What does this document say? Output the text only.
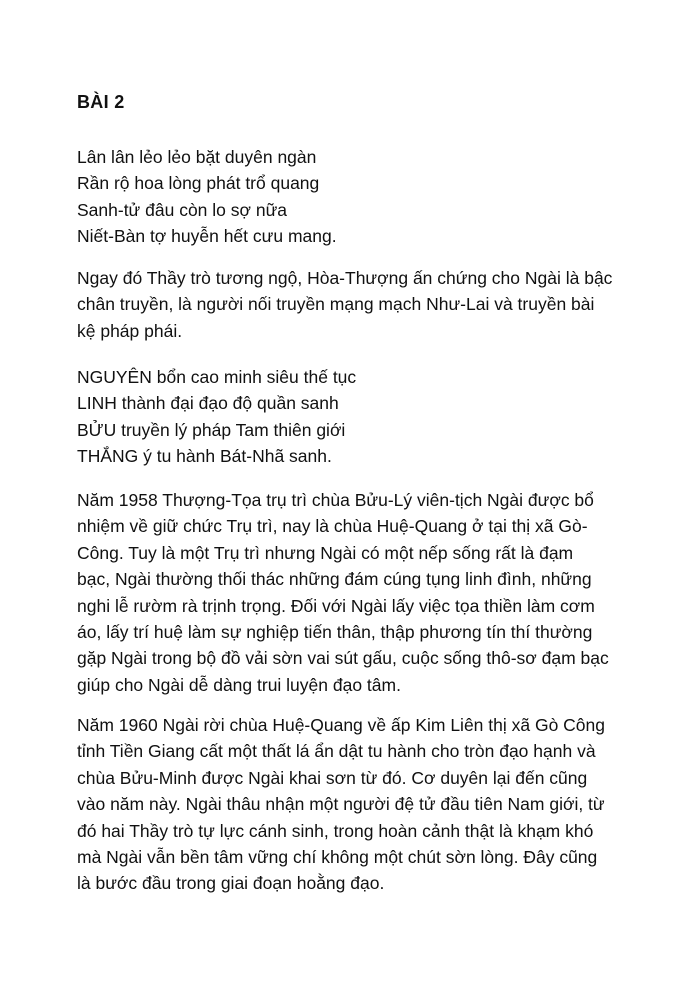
BÀI 2
Lân lân lẻo lẻo bặt duyên ngàn
Rần rộ hoa lòng phát trổ quang
Sanh-tử đâu còn lo sợ nữa
Niết-Bàn tợ huyễn hết cưu mang.
Ngay đó Thầy trò tương ngộ, Hòa-Thượng ấn chứng cho Ngài là bậc
chân truyền, là người nối truyền mạng mạch Như-Lai và truyền bài
kệ pháp phái.
NGUYÊN bổn cao minh siêu thế tục
LINH thành đại đạo độ quần sanh
BỬU truyền lý pháp Tam thiên giới
THẮNG ý tu hành Bát-Nhã sanh.
Năm 1958 Thượng-Tọa trụ trì chùa Bửu-Lý viên-tịch Ngài được bổ
nhiệm về giữ chức Trụ trì, nay là chùa Huệ-Quang ở tại thị xã Gò-
Công. Tuy là một Trụ trì nhưng Ngài có một nếp sống rất là đạm
bạc, Ngài thường thối thác những đám cúng tụng linh đình, những
nghi lễ rườm rà trịnh trọng. Đối với Ngài lấy việc tọa thiền làm cơm
áo, lấy trí huệ làm sự nghiệp tiến thân, thập phương tín thí thường
gặp Ngài trong bộ đồ vải sờn vai sút gấu, cuộc sống thô-sơ đạm bạc
giúp cho Ngài dễ dàng trui luyện đạo tâm.
Năm 1960 Ngài rời chùa Huệ-Quang về ấp Kim Liên thị xã Gò Công
tỉnh Tiền Giang cất một thất lá ẩn dật tu hành cho tròn đạo hạnh và
chùa Bửu-Minh được Ngài khai sơn từ đó. Cơ duyên lại đến cũng
vào năm này. Ngài thâu nhận một người đệ tử đầu tiên Nam giới, từ
đó hai Thầy trò tự lực cánh sinh, trong hoàn cảnh thật là khạm khó
mà Ngài vẫn bền tâm vững chí không một chút sờn lòng. Đây cũng
là bước đầu trong giai đoạn hoằng đạo.
